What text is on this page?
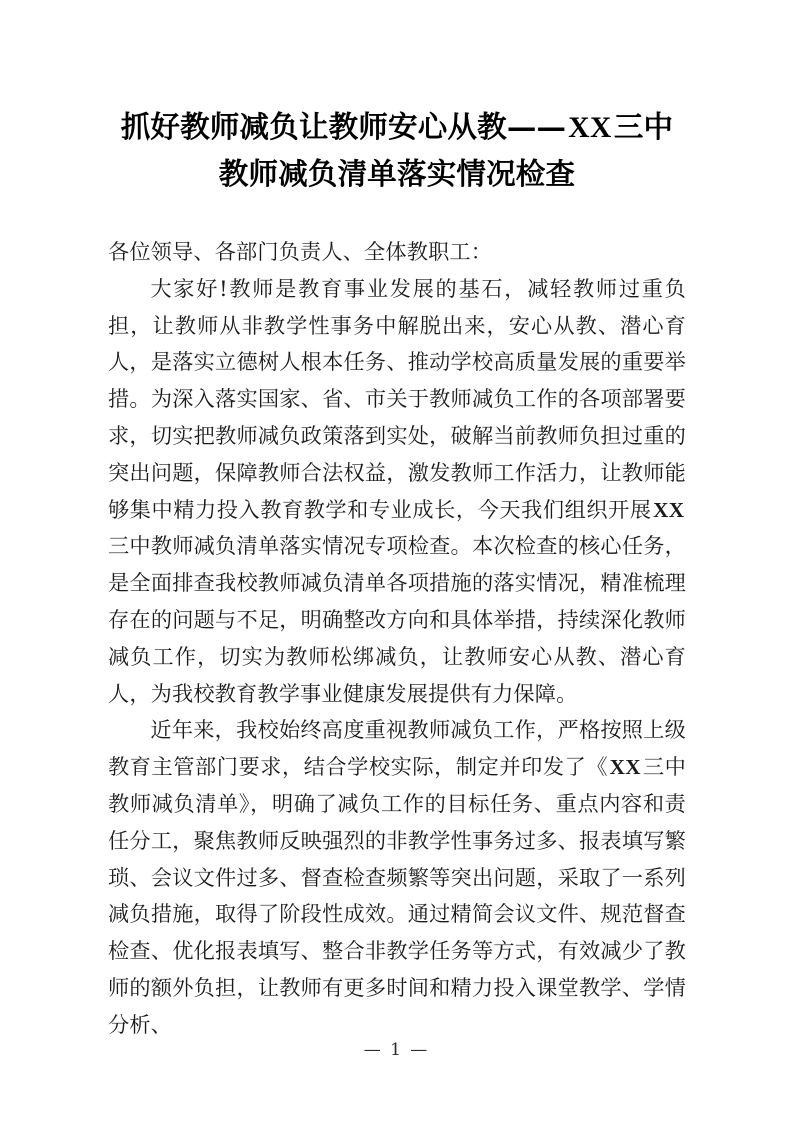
抓好教师减负让教师安心从教——XX三中教师减负清单落实情况检查

各位领导、各部门负责人、全体教职工：

大家好!教师是教育事业发展的基石，减轻教师过重负担，让教师从非教学性事务中解脱出来，安心从教、潜心育人，是落实立德树人根本任务、推动学校高质量发展的重要举措。为深入落实国家、省、市关于教师减负工作的各项部署要求，切实把教师减负政策落到实处，破解当前教师负担过重的突出问题，保障教师合法权益，激发教师工作活力，让教师能够集中精力投入教育教学和专业成长，今天我们组织开展XX三中教师减负清单落实情况专项检查。本次检查的核心任务，是全面排查我校教师减负清单各项措施的落实情况，精准梳理存在的问题与不足，明确整改方向和具体举措，持续深化教师减负工作，切实为教师松绑减负，让教师安心从教、潜心育人，为我校教育教学事业健康发展提供有力保障。

近年来，我校始终高度重视教师减负工作，严格按照上级教育主管部门要求，结合学校实际，制定并印发了《XX三中教师减负清单》，明确了减负工作的目标任务、重点内容和责任分工，聚焦教师反映强烈的非教学性事务过多、报表填写繁琐、会议文件过多、督查检查频繁等突出问题，采取了一系列减负措施，取得了阶段性成效。通过精简会议文件、规范督查检查、优化报表填写、整合非教学任务等方式，有效减少了教师的额外负担，让教师有更多时间和精力投入课堂教学、学情分析、

— 1 —
